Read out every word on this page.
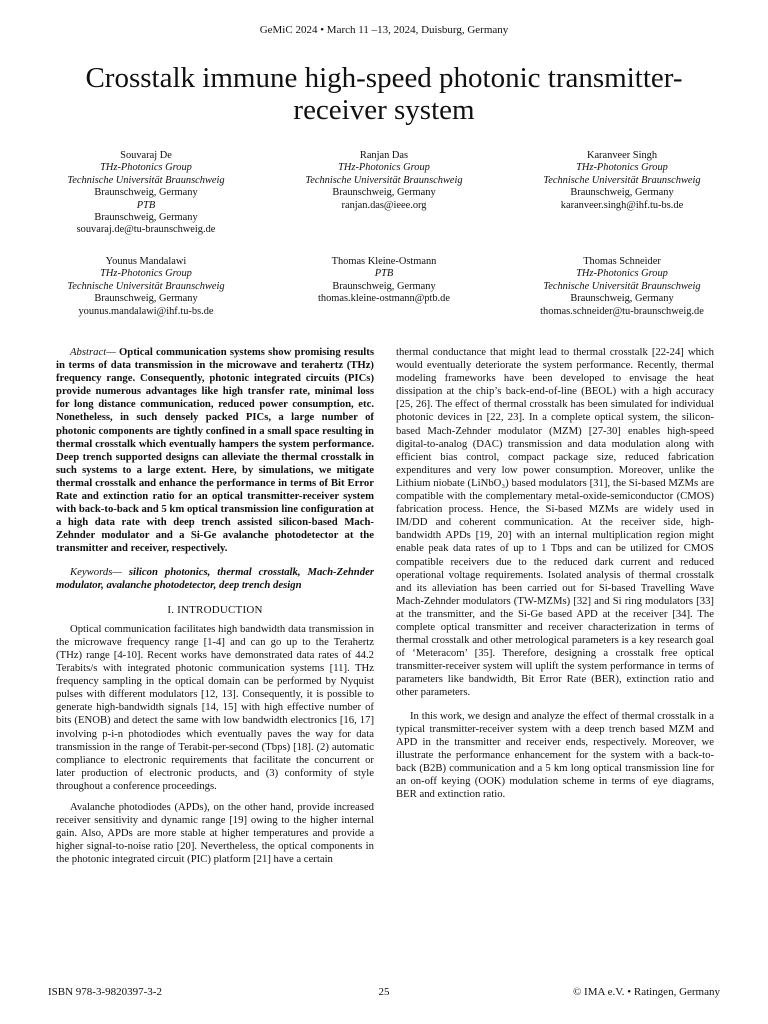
GeMiC 2024 • March 11 –13, 2024, Duisburg, Germany
Crosstalk immune high-speed photonic transmitter-receiver system
Souvaraj De
THz-Photonics Group
Technische Universität Braunschweig
Braunschweig, Germany
PTB
Braunschweig, Germany
souvaraj.de@tu-braunschweig.de
Ranjan Das
THz-Photonics Group
Technische Universität Braunschweig
Braunschweig, Germany
ranjan.das@ieee.org
Karanveer Singh
THz-Photonics Group
Technische Universität Braunschweig
Braunschweig, Germany
karanveer.singh@ihf.tu-bs.de
Younus Mandalawi
THz-Photonics Group
Technische Universität Braunschweig
Braunschweig, Germany
younus.mandalawi@ihf.tu-bs.de
Thomas Kleine-Ostmann
PTB
Braunschweig, Germany
thomas.kleine-ostmann@ptb.de
Thomas Schneider
THz-Photonics Group
Technische Universität Braunschweig
Braunschweig, Germany
thomas.schneider@tu-braunschweig.de

Abstract— Optical communication systems show promising results in terms of data transmission in the microwave and terahertz (THz) frequency range. Consequently, photonic integrated circuits (PICs) provide numerous advantages like high transfer rate, minimal loss for long distance communication, reduced power consumption, etc. Nonetheless, in such densely packed PICs, a large number of photonic components are tightly confined in a small space resulting in thermal crosstalk which eventually hampers the system performance. Deep trench supported designs can alleviate the thermal crosstalk in such systems to a large extent. Here, by simulations, we mitigate thermal crosstalk and enhance the performance in terms of Bit Error Rate and extinction ratio for an optical transmitter-receiver system with back-to-back and 5 km optical transmission line configuration at a high data rate with deep trench assisted silicon-based Mach-Zehnder modulator and a Si-Ge avalanche photodetector at the transmitter and receiver, respectively.

Keywords— silicon photonics, thermal crosstalk, Mach-Zehnder modulator, avalanche photodetector, deep trench design

I. INTRODUCTION

Optical communication facilitates high bandwidth data transmission in the microwave frequency range [1-4] and can go up to the Terahertz (THz) range [4-10]. Recent works have demonstrated data rates of 44.2 Terabits/s with integrated photonic communication systems [11]. THz frequency sampling in the optical domain can be performed by Nyquist pulses with different modulators [12, 13]. Consequently, it is possible to generate high-bandwidth signals [14, 15] with high effective number of bits (ENOB) and detect the same with low bandwidth electronics [16, 17] involving p-i-n photodiodes which eventually paves the way for data transmission in the range of Terabit-per-second (Tbps) [18]. (2) automatic compliance to electronic requirements that facilitate the concurrent or later production of electronic products, and (3) conformity of style throughout a conference proceedings.

Avalanche photodiodes (APDs), on the other hand, provide increased receiver sensitivity and dynamic range [19] owing to the higher internal gain. Also, APDs are more stable at higher temperatures and provide a higher signal-to-noise ratio [20]. Nevertheless, the optical components in the photonic integrated circuit (PIC) platform [21] have a certain

thermal conductance that might lead to thermal crosstalk [22-24] which would eventually deteriorate the system performance. Recently, thermal modeling frameworks have been developed to envisage the heat dissipation at the chip’s back-end-of-line (BEOL) with a high accuracy [25, 26]. The effect of thermal crosstalk has been simulated for individual photonic devices in [22, 23]. In a complete optical system, the silicon-based Mach-Zehnder modulator (MZM) [27-30] enables high-speed digital-to-analog (DAC) transmission and data modulation along with efficient bias control, compact package size, reduced fabrication expenditures and very low power consumption. Moreover, unlike the Lithium niobate (LiNbO₃) based modulators [31], the Si-based MZMs are compatible with the complementary metal-oxide-semiconductor (CMOS) fabrication process. Hence, the Si-based MZMs are widely used in IM/DD and coherent communication. At the receiver side, high-bandwidth APDs [19, 20] with an internal multiplication region might enable peak data rates of up to 1 Tbps and can be utilized for CMOS compatible receivers due to the reduced dark current and reduced operational voltage requirements. Isolated analysis of thermal crosstalk and its alleviation has been carried out for Si-based Travelling Wave Mach-Zehnder modulators (TW-MZMs) [32] and Si ring modulators [33] at the transmitter, and the Si-Ge based APD at the receiver [34]. The complete optical transmitter and receiver characterization in terms of thermal crosstalk and other metrological parameters is a key research goal of ‘Meteracom’ [35]. Therefore, designing a crosstalk free optical transmitter-receiver system will uplift the system performance in terms of parameters like bandwidth, Bit Error Rate (BER), extinction ratio and other parameters.

In this work, we design and analyze the effect of thermal crosstalk in a typical transmitter-receiver system with a deep trench based MZM and APD in the transmitter and receiver ends, respectively. Moreover, we illustrate the performance enhancement for the system with a back-to-back (B2B) communication and a 5 km long optical transmission line for an on-off keying (OOK) modulation scheme in terms of eye diagrams, BER and extinction ratio.

ISBN 978-3-9820397-3-2	25	© IMA e.V. • Ratingen, Germany
